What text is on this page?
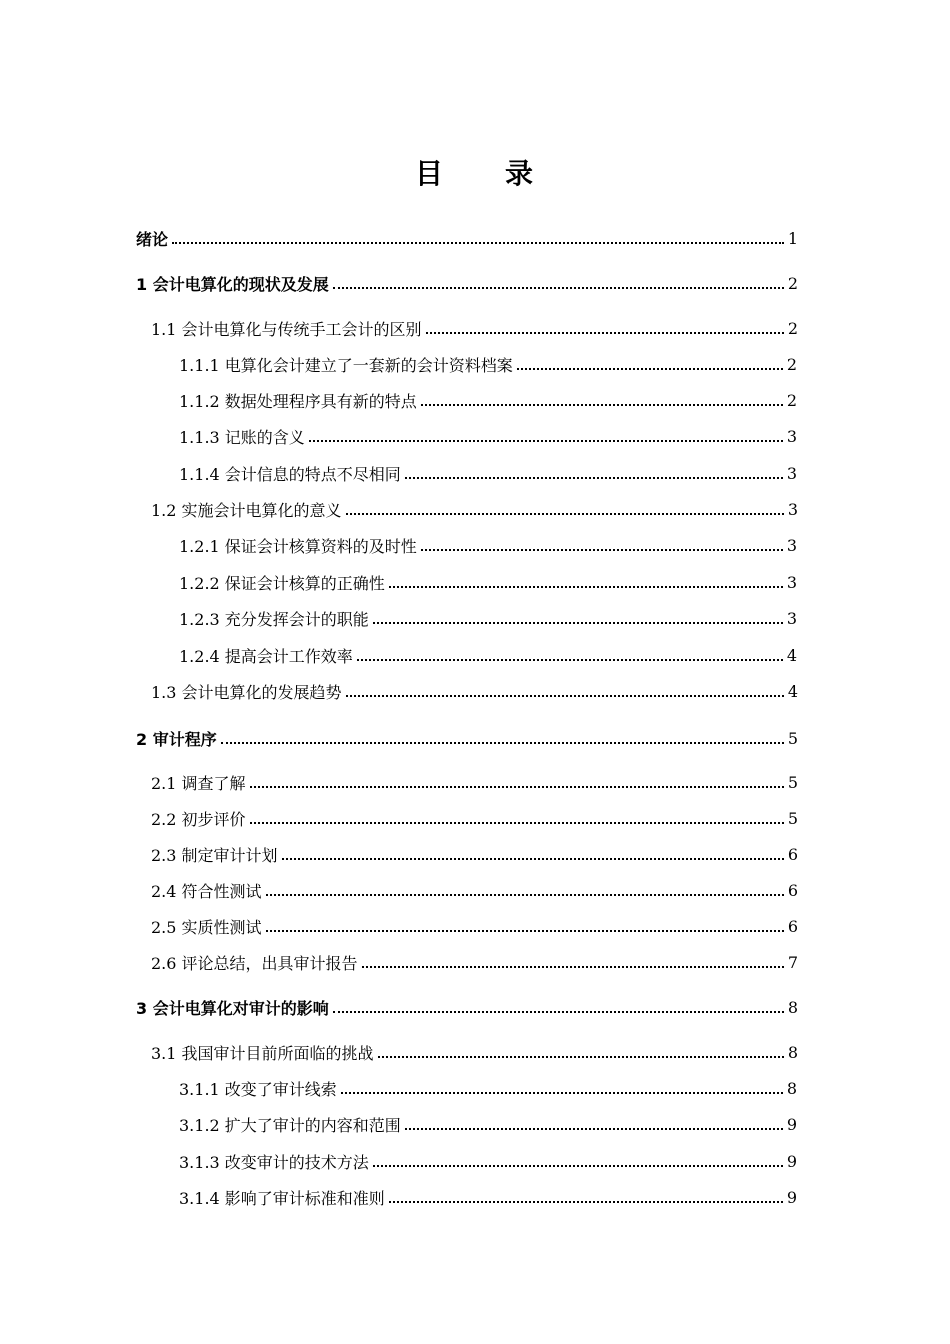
目　　录
绪论	1
1 会计电算化的现状及发展	2
1.1 会计电算化与传统手工会计的区别	2
1.1.1 电算化会计建立了一套新的会计资料档案	2
1.1.2 数据处理程序具有新的特点	2
1.1.3 记账的含义	3
1.1.4 会计信息的特点不尽相同	3
1.2 实施会计电算化的意义	3
1.2.1 保证会计核算资料的及时性	3
1.2.2 保证会计核算的正确性	3
1.2.3 充分发挥会计的职能	3
1.2.4 提高会计工作效率	4
1.3 会计电算化的发展趋势	4
2 审计程序	5
2.1 调查了解	5
2.2 初步评价	5
2.3 制定审计计划	6
2.4 符合性测试	6
2.5 实质性测试	6
2.6 评论总结，出具审计报告	7
3 会计电算化对审计的影响	8
3.1 我国审计目前所面临的挑战	8
3.1.1 改变了审计线索	8
3.1.2 扩大了审计的内容和范围	9
3.1.3 改变审计的技术方法	9
3.1.4 影响了审计标准和准则	9
